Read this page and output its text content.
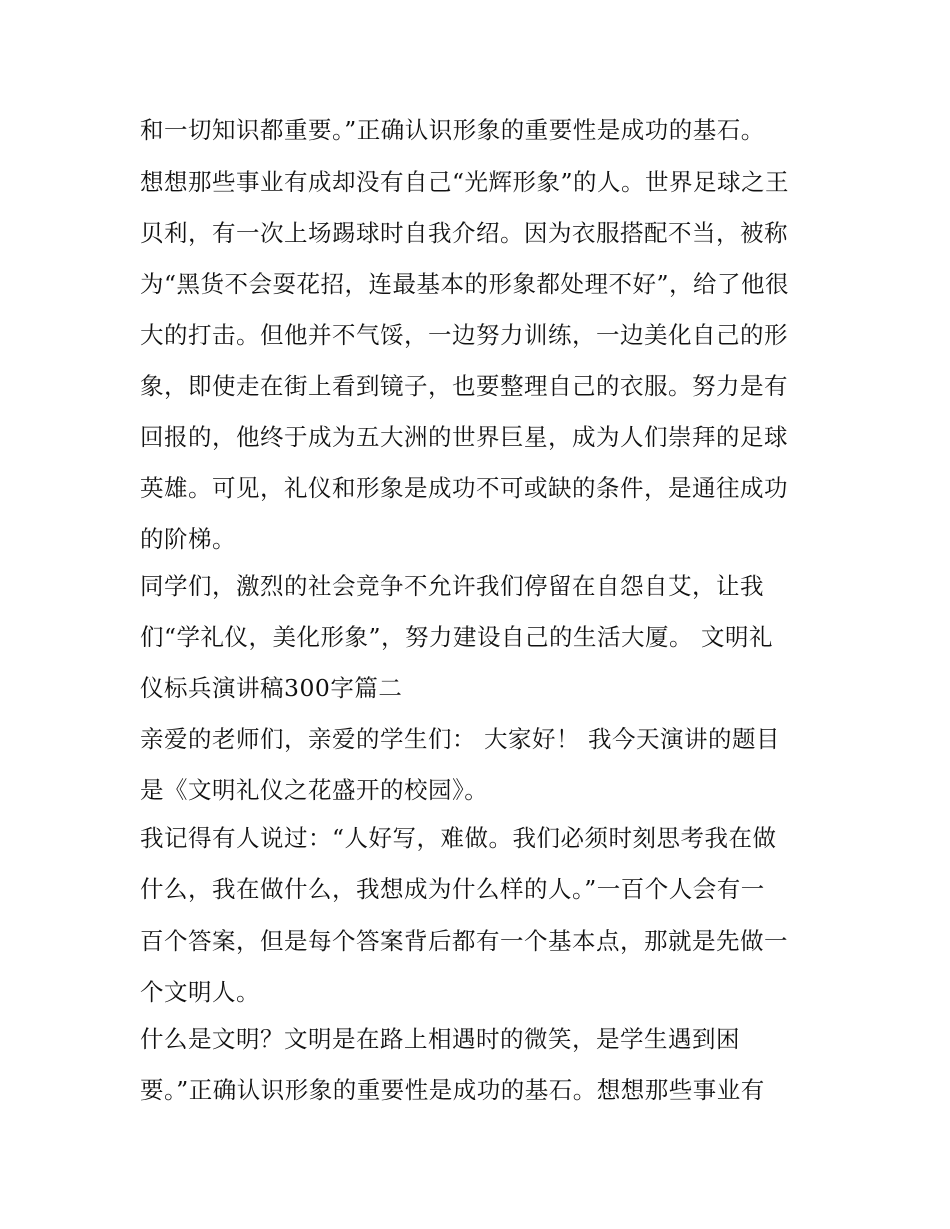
和一切知识都重要。”正确认识形象的重要性是成功的基石。
想想那些事业有成却没有自己“光辉形象”的人。世界足球之王
贝利，有一次上场踢球时自我介绍。因为衣服搭配不当，被称
为“黑货不会耍花招，连最基本的形象都处理不好”，给了他很
大的打击。但他并不气馁，一边努力训练，一边美化自己的形
象，即使走在街上看到镜子，也要整理自己的衣服。努力是有
回报的，他终于成为五大洲的世界巨星，成为人们崇拜的足球
英雄。可见，礼仪和形象是成功不可或缺的条件，是通往成功
的阶梯。
同学们，激烈的社会竞争不允许我们停留在自怨自艾，让我
们“学礼仪，美化形象”，努力建设自己的生活大厦。 文明礼
仪标兵演讲稿300字篇二
亲爱的老师们，亲爱的学生们： 大家好！ 我今天演讲的题目
是《文明礼仪之花盛开的校园》。
我记得有人说过：“人好写，难做。我们必须时刻思考我在做
什么，我在做什么，我想成为什么样的人。”一百个人会有一
百个答案，但是每个答案背后都有一个基本点，那就是先做一
个文明人。
什么是文明？文明是在路上相遇时的微笑，是学生遇到困
要。”正确认识形象的重要性是成功的基石。想想那些事业有
